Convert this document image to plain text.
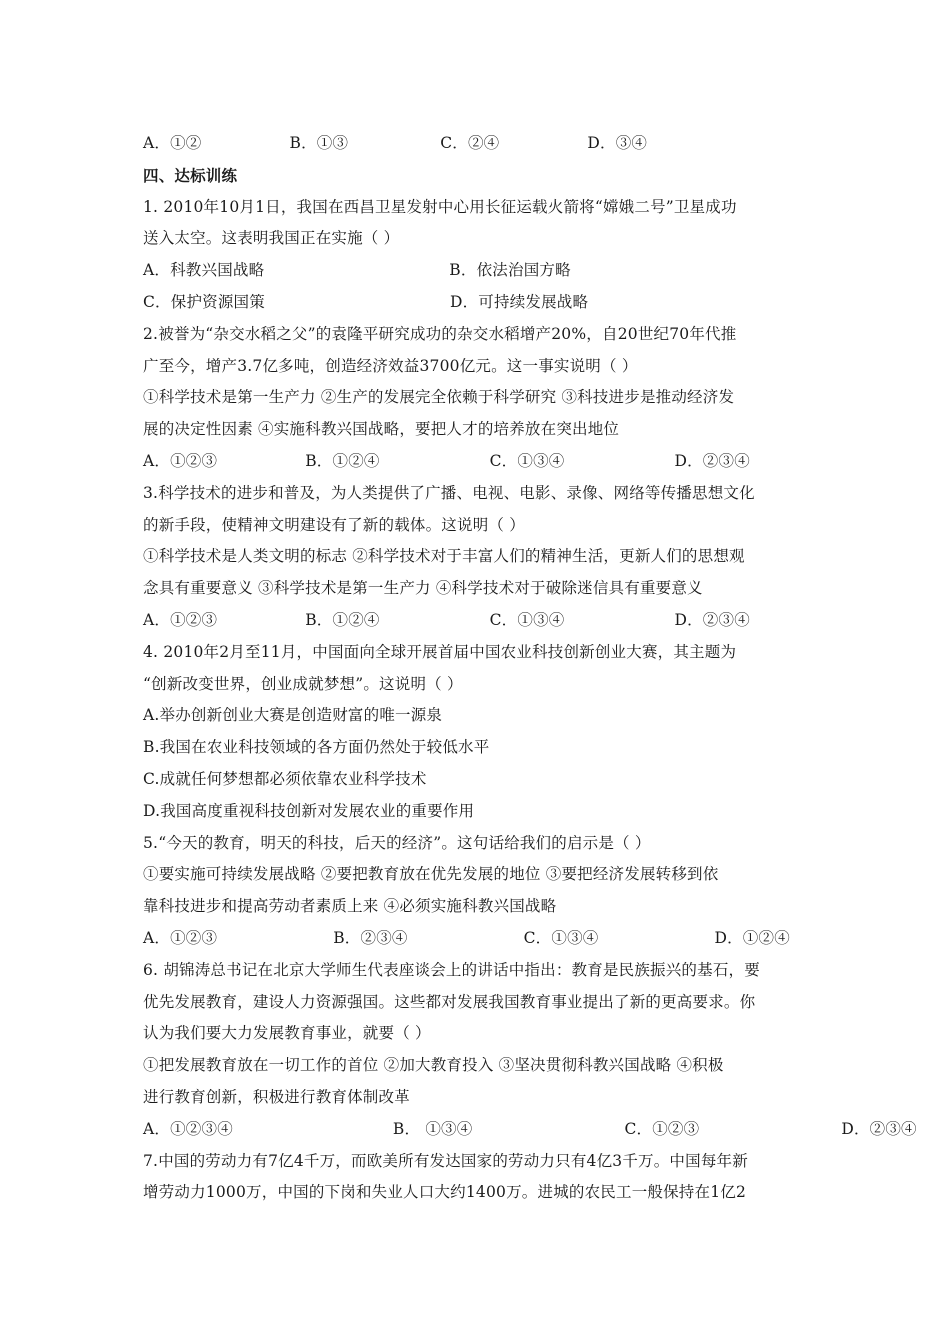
A．①②	B．①③	C．②④	D．③④
四、达标训练
1. 2010年10月1日，我国在西昌卫星发射中心用长征运载火箭将“嫦娥二号”卫星成功
送入太空。这表明我国正在实施（ ）
A．科教兴国战略	B．依法治国方略
C．保护资源国策	D．可持续发展战略
2.被誉为“杂交水稻之父”的袁隆平研究成功的杂交水稻增产20%，自20世纪70年代推
广至今，增产3.7亿多吨，创造经济效益3700亿元。这一事实说明（ ）
①科学技术是第一生产力 ②生产的发展完全依赖于科学研究 ③科技进步是推动经济发
展的决定性因素 ④实施科教兴国战略，要把人才的培养放在突出地位
A．①②③	B．①②④	C．①③④	D．②③④
3.科学技术的进步和普及，为人类提供了广播、电视、电影、录像、网络等传播思想文化
的新手段，使精神文明建设有了新的载体。这说明（ ）
①科学技术是人类文明的标志 ②科学技术对于丰富人们的精神生活，更新人们的思想观
念具有重要意义 ③科学技术是第一生产力 ④科学技术对于破除迷信具有重要意义
A．①②③	B．①②④	C．①③④	D．②③④
4. 2010年2月至11月，中国面向全球开展首届中国农业科技创新创业大赛，其主题为
“创新改变世界，创业成就梦想”。这说明（ ）
A.举办创新创业大赛是创造财富的唯一源泉
B.我国在农业科技领域的各方面仍然处于较低水平
C.成就任何梦想都必须依靠农业科学技术
D.我国高度重视科技创新对发展农业的重要作用
5.“今天的教育，明天的科技，后天的经济”。这句话给我们的启示是（ ）
①要实施可持续发展战略 ②要把教育放在优先发展的地位 ③要把经济发展转移到依
靠科技进步和提高劳动者素质上来 ④必须实施科教兴国战略
A．①②③	B．②③④	C．①③④	D．①②④
6. 胡锦涛总书记在北京大学师生代表座谈会上的讲话中指出：教育是民族振兴的基石，要
优先发展教育，建设人力资源强国。这些都对发展我国教育事业提出了新的更高要求。你
认为我们要大力发展教育事业，就要（ ）
①把发展教育放在一切工作的首位 ②加大教育投入 ③坚决贯彻科教兴国战略 ④积极
进行教育创新，积极进行教育体制改革
A．①②③④	B． ①③④	C．①②③	D．②③④
7.中国的劳动力有7亿4千万，而欧美所有发达国家的劳动力只有4亿3千万。中国每年新
增劳动力1000万，中国的下岗和失业人口大约1400万。进城的农民工一般保持在1亿2
